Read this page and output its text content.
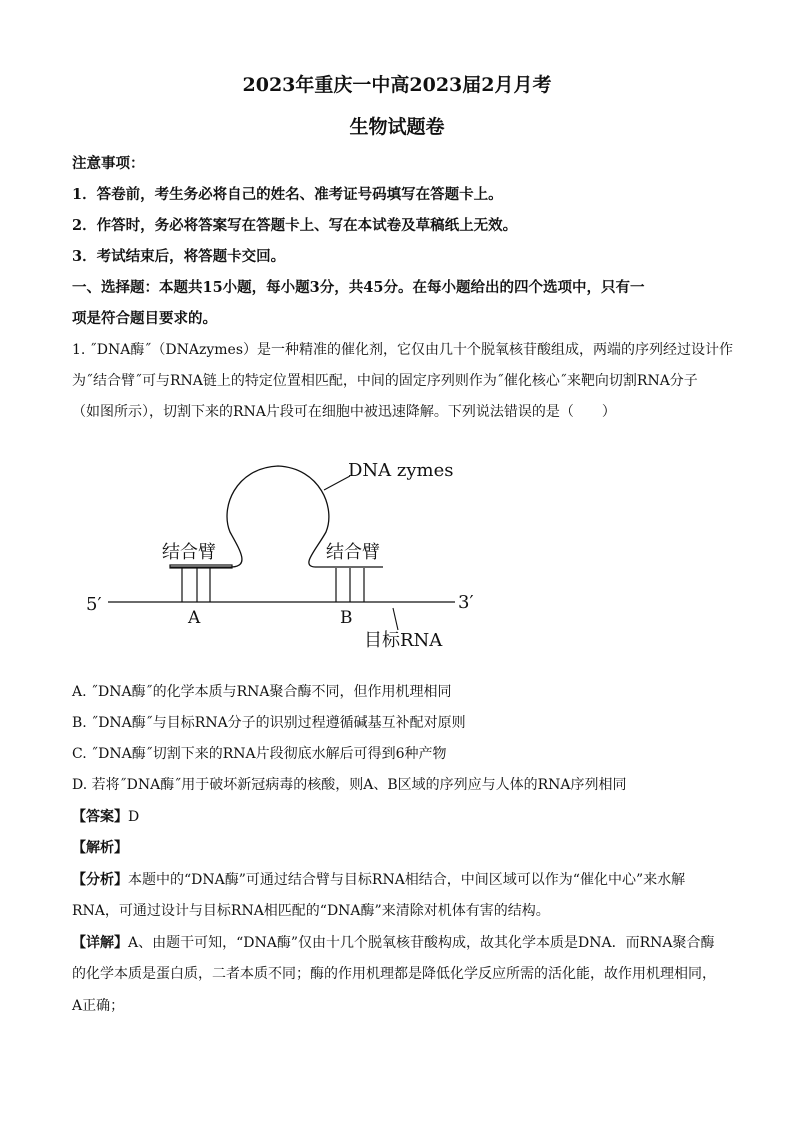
2023年重庆一中高2023届2月月考
生物试题卷
注意事项：
1．答卷前，考生务必将自己的姓名、准考证号码填写在答题卡上。
2．作答时，务必将答案写在答题卡上、写在本试卷及草稿纸上无效。
3．考试结束后，将答题卡交回。
一、选择题：本题共15小题，每小题3分，共45分。在每小题给出的四个选项中，只有一
项是符合题目要求的。
1. ˝DNA酶˝（DNAzymes）是一种精准的催化剂，它仅由几十个脱氧核苷酸组成，两端的序列经过设计作
为˝结合臂˝可与RNA链上的特定位置相匹配，中间的固定序列则作为˝催化核心˝来靶向切割RNA分子
（如图所示），切割下来的RNA片段可在细胞中被迅速降解。下列说法错误的是（　　）
DNA zymes
结合臂	结合臂
5′	3′
A	B
目标RNA
A. ˝DNA酶˝的化学本质与RNA聚合酶不同，但作用机理相同
B. ˝DNA酶˝与目标RNA分子的识别过程遵循碱基互补配对原则
C. ˝DNA酶˝切割下来的RNA片段彻底水解后可得到6种产物
D. 若将˝DNA酶˝用于破坏新冠病毒的核酸，则A、B区域的序列应与人体的RNA序列相同
【答案】D
【解析】
【分析】本题中的“DNA酶”可通过结合臂与目标RNA相结合，中间区域可以作为“催化中心”来水解
RNA，可通过设计与目标RNA相匹配的“DNA酶”来清除对机体有害的结构。
【详解】A、由题干可知，“DNA酶”仅由十几个脱氧核苷酸构成，故其化学本质是DNA．而RNA聚合酶
的化学本质是蛋白质，二者本质不同；酶的作用机理都是降低化学反应所需的活化能，故作用机理相同，
A正确；
